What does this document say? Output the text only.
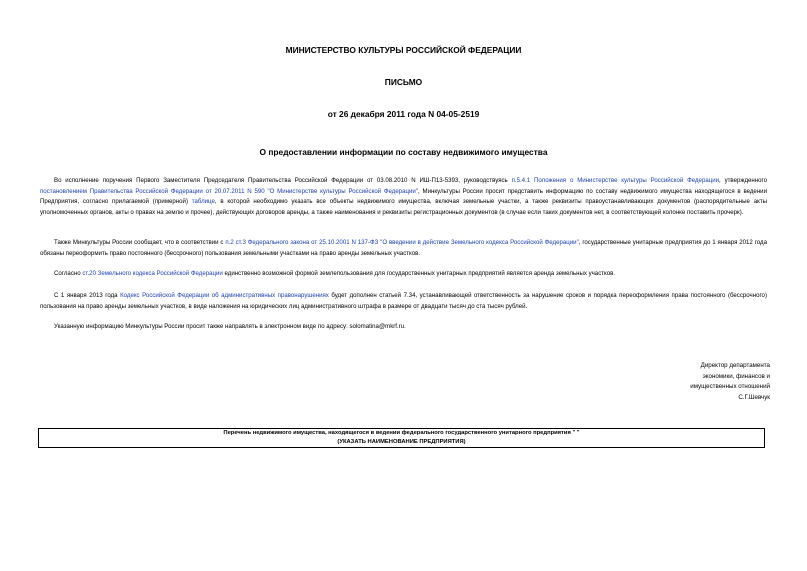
МИНИСТЕРСТВО КУЛЬТУРЫ РОССИЙСКОЙ ФЕДЕРАЦИИ

ПИСЬМО

от 26 декабря 2011 года N 04-05-2519

О предоставлении информации по составу недвижимого имущества

Во исполнение поручения Первого Заместителя Председателя Правительства Российской Федерации от 03.08.2010 N ИШ-П13-5393, руководствуясь п.5.4.1 Положения о Министерстве культуры Российской Федерации, утвержденного постановлением Правительства Российской Федерации от 20.07.2011 N 590 "О Министерстве культуры Российской Федерации", Минкультуры России просит представить информацию по составу недвижимого имущества находящегося в ведении Предприятия, согласно прилагаемой (примерной) таблице, в которой необходимо указать все объекты недвижимого имущества, включая земельные участки, а также реквизиты правоустанавливающих документов (распорядительные акты уполномоченных органов, акты о правах на землю и прочее), действующих договоров аренды, а также наименования и реквизиты регистрационных документов (в случае если таких документов нет, в соответствующей колонке поставить прочерк).

Также Минкультуры России сообщает, что в соответствии с п.2 ст.3 Федерального закона от 25.10.2001 N 137-ФЗ "О введении в действие Земельного кодекса Российской Федерации", государственные унитарные предприятия до 1 января 2012 года обязаны переоформить право постоянного (бессрочного) пользования земельными участками на право аренды земельных участков.

Согласно ст.20 Земельного кодекса Российской Федерации единственно возможной формой землепользования для государственных унитарных предприятий является аренда земельных участков.

С 1 января 2013 года Кодекс Российской Федерации об административных правонарушениях будет дополнен статьей 7.34, устанавливающей ответственность за нарушение сроков и порядка переоформления права постоянного (бессрочного) пользования на право аренды земельных участков, в виде наложения на юридических лиц административного штрафа в размере от двадцати тысяч до ста тысяч рублей.

Указанную информацию Минкультуры России просит также направлять в электронном виде по адресу: solomatina@mkrf.ru.

Директор департамента
экономики, финансов и
имущественных отношений
С.Г.Шевчук
Перечень недвижимого имущества, находящегося в ведении федерального государственного унитарного предприятия " "
(УКАЗАТЬ НАИМЕНОВАНИЕ ПРЕДПРИЯТИЯ)
